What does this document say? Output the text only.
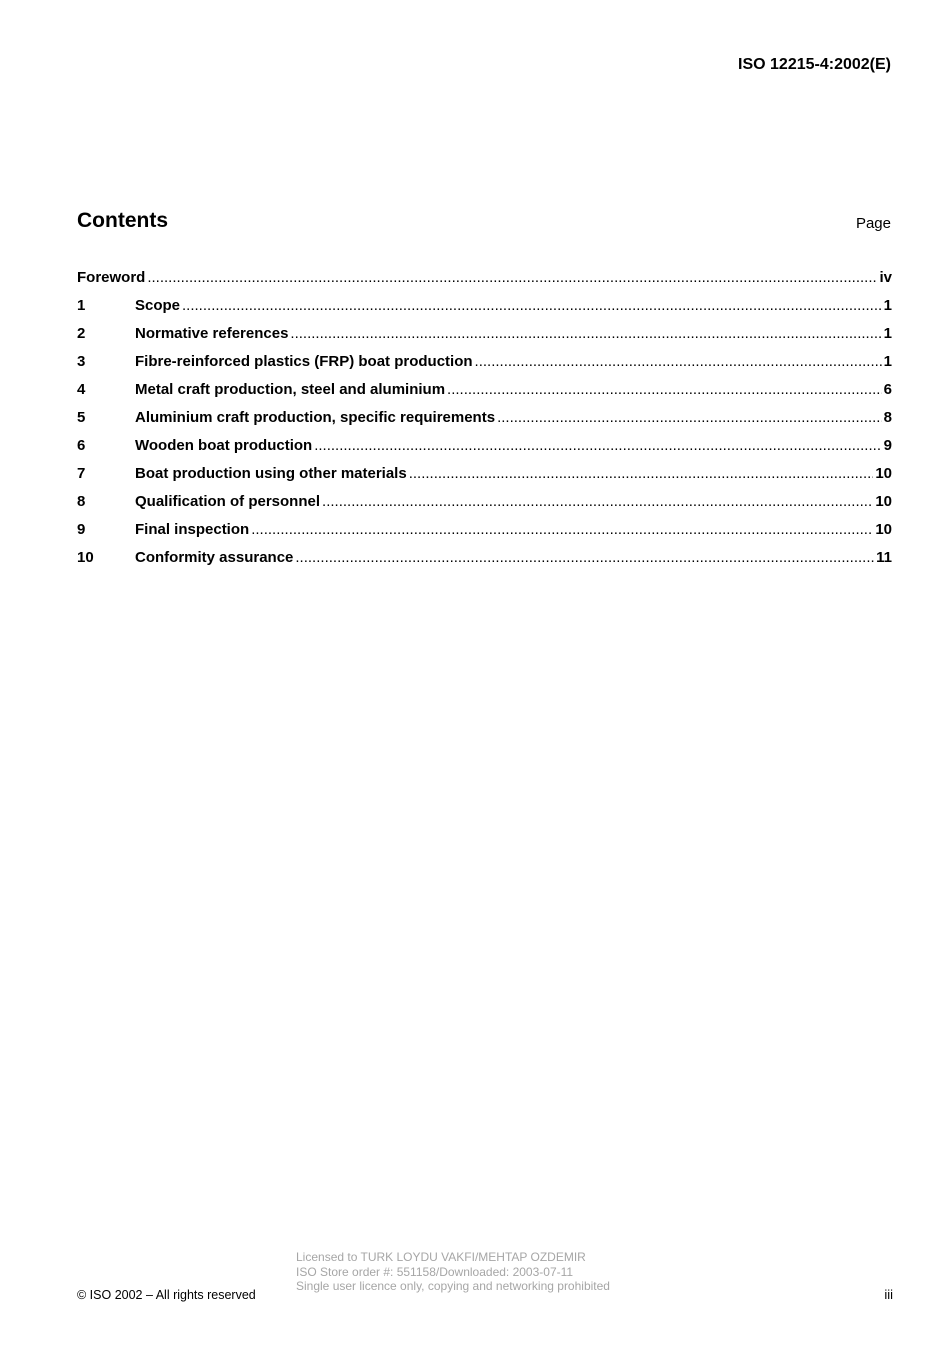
ISO 12215-4:2002(E)
Contents	Page
Foreword .....	iv
1	Scope .....	1
2	Normative references .....	1
3	Fibre-reinforced plastics (FRP) boat production .....	1
4	Metal craft production, steel and aluminium .....	6
5	Aluminium craft production, specific requirements .....	8
6	Wooden boat production .....	9
7	Boat production using other materials .....	10
8	Qualification of personnel .....	10
9	Final inspection .....	10
10	Conformity assurance .....	11
Licensed to TURK LOYDU VAKFI/MEHTAP OZDEMIR
ISO Store order #: 551158/Downloaded: 2003-07-11
Single user licence only, copying and networking prohibited
© ISO 2002 – All rights reserved	iii
